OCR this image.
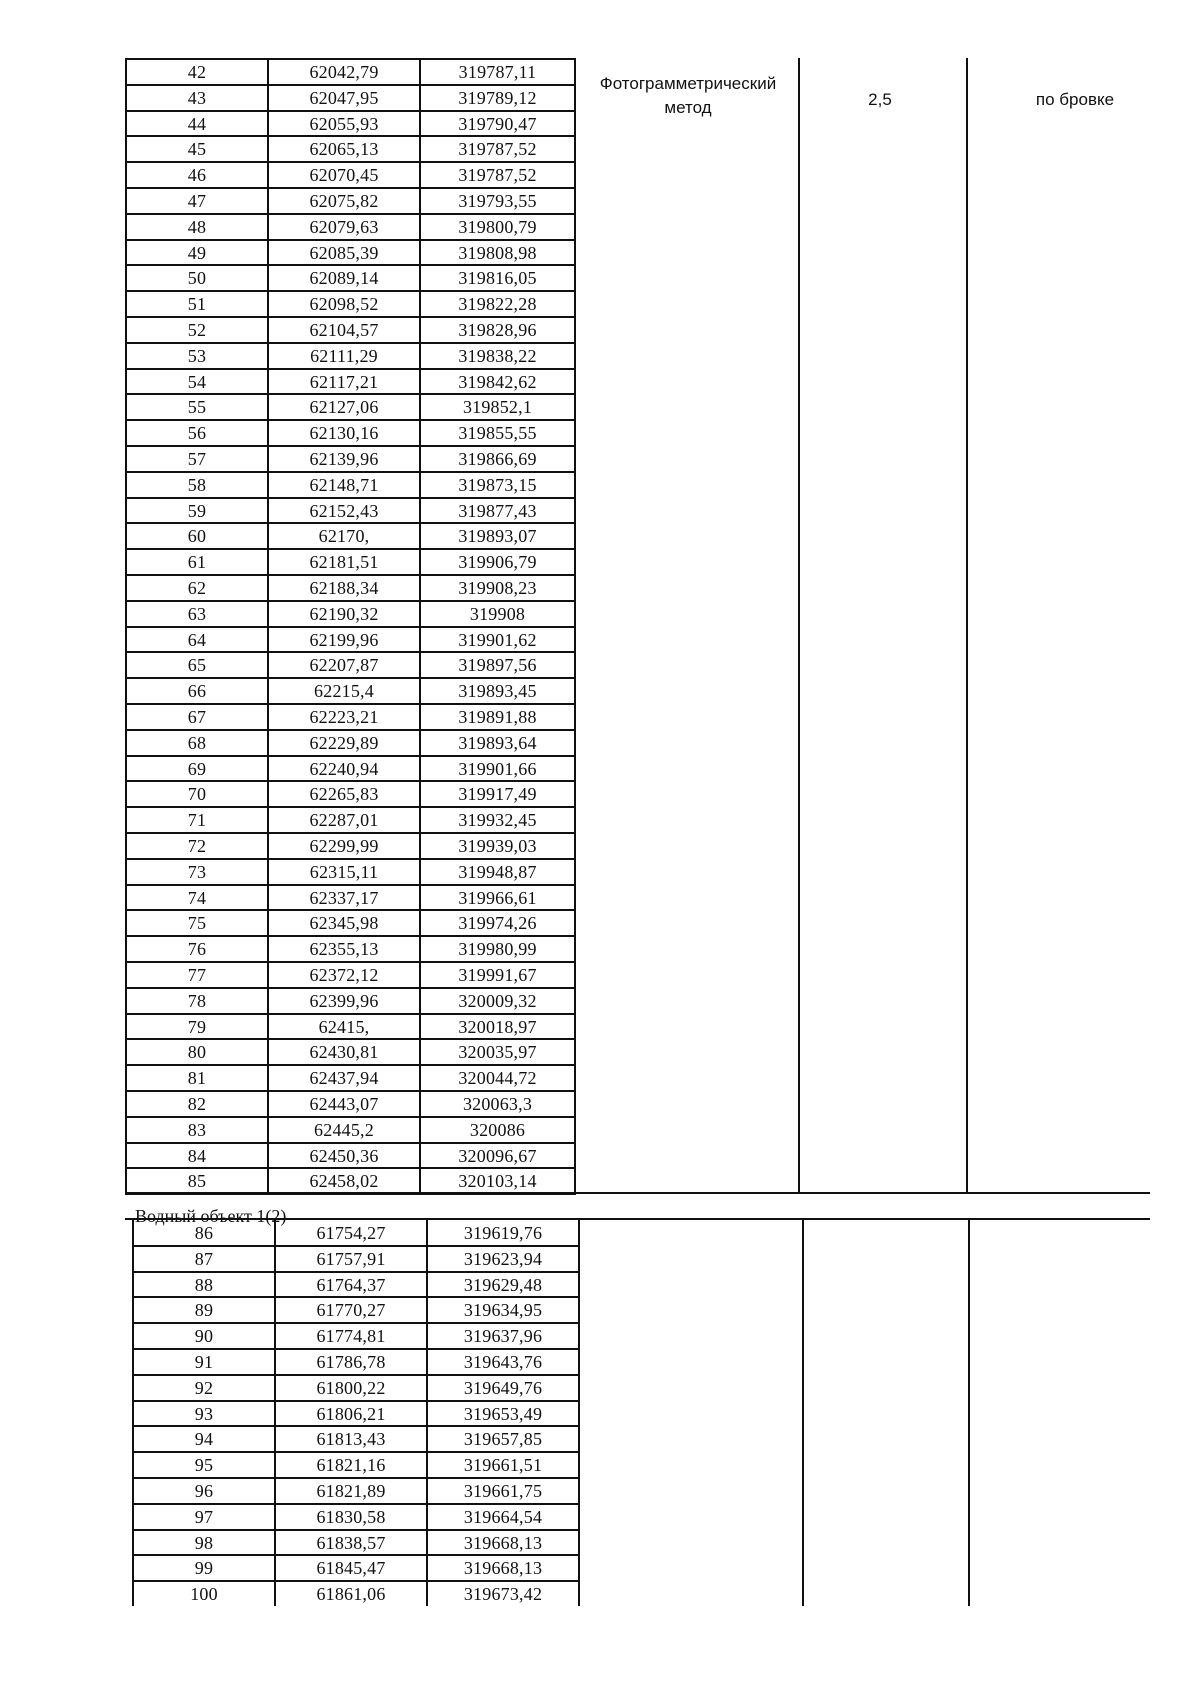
42	62042,79	319787,11
43	62047,95	319789,12
44	62055,93	319790,47
45	62065,13	319787,52
46	62070,45	319787,52
47	62075,82	319793,55
48	62079,63	319800,79
49	62085,39	319808,98
50	62089,14	319816,05
51	62098,52	319822,28
52	62104,57	319828,96
53	62111,29	319838,22
54	62117,21	319842,62
55	62127,06	319852,1
56	62130,16	319855,55
57	62139,96	319866,69
58	62148,71	319873,15
59	62152,43	319877,43
60	62170,	319893,07
61	62181,51	319906,79
62	62188,34	319908,23
63	62190,32	319908
64	62199,96	319901,62
65	62207,87	319897,56
66	62215,4	319893,45
67	62223,21	319891,88
68	62229,89	319893,64
69	62240,94	319901,66
70	62265,83	319917,49
71	62287,01	319932,45
72	62299,99	319939,03
73	62315,11	319948,87
74	62337,17	319966,61
75	62345,98	319974,26
76	62355,13	319980,99
77	62372,12	319991,67
78	62399,96	320009,32
79	62415,	320018,97
80	62430,81	320035,97
81	62437,94	320044,72
82	62443,07	320063,3
83	62445,2	320086
84	62450,36	320096,67
85	62458,02	320103,14
86	61754,27	319619,76
87	61757,91	319623,94
88	61764,37	319629,48
89	61770,27	319634,95
90	61774,81	319637,96
91	61786,78	319643,76
92	61800,22	319649,76
93	61806,21	319653,49
94	61813,43	319657,85
95	61821,16	319661,51
96	61821,89	319661,75
97	61830,58	319664,54
98	61838,57	319668,13
99	61845,47	319668,13
100	61861,06	319673,42
Фотограмметрический метод	2,5	по бровке
Водный объект 1(2)
